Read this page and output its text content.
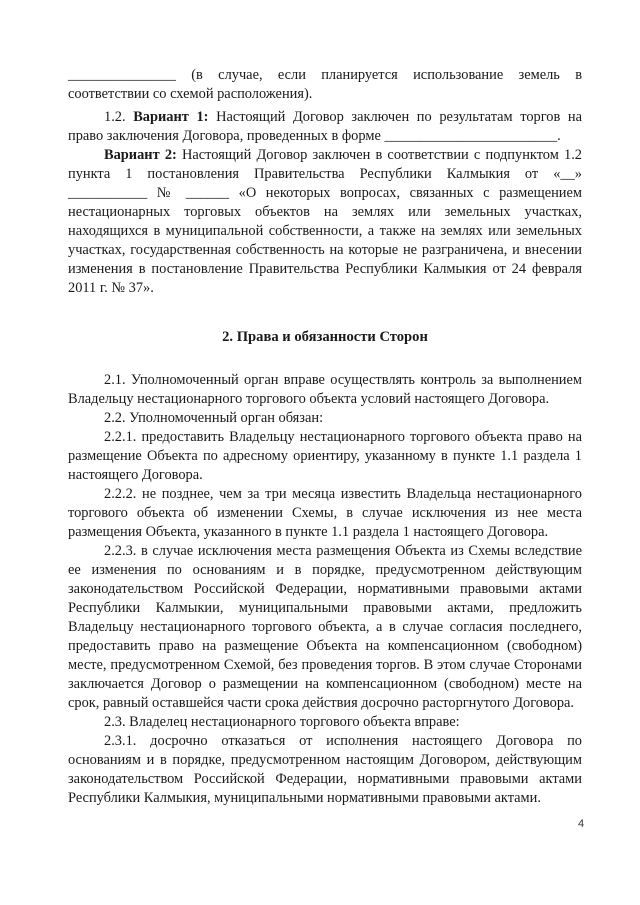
_______________ (в случае, если планируется использование земель в соответствии со схемой расположения).

1.2. Вариант 1: Настоящий Договор заключен по результатам торгов на право заключения Договора, проведенных в форме ________________________.

Вариант 2: Настоящий Договор заключен в соответствии с подпунктом 1.2 пункта 1 постановления Правительства Республики Калмыкия от «__» ___________ № ______ «О некоторых вопросах, связанных с размещением нестационарных торговых объектов на землях или земельных участках, находящихся в муниципальной собственности, а также на землях или земельных участках, государственная собственность на которые не разграничена, и внесении изменения в постановление Правительства Республики Калмыкия от 24 февраля 2011 г. № 37».

2. Права и обязанности Сторон

2.1. Уполномоченный орган вправе осуществлять контроль за выполнением Владельцу нестационарного торгового объекта условий настоящего Договора.

2.2. Уполномоченный орган обязан:

2.2.1. предоставить Владельцу нестационарного торгового объекта право на размещение Объекта по адресному ориентиру, указанному в пункте 1.1 раздела 1 настоящего Договора.

2.2.2. не позднее, чем за три месяца известить Владельца нестационарного торгового объекта об изменении Схемы, в случае исключения из нее места размещения Объекта, указанного в пункте 1.1 раздела 1 настоящего Договора.

2.2.3. в случае исключения места размещения Объекта из Схемы вследствие ее изменения по основаниям и в порядке, предусмотренном действующим законодательством Российской Федерации, нормативными правовыми актами Республики Калмыкии, муниципальными правовыми актами, предложить Владельцу нестационарного торгового объекта, а в случае согласия последнего, предоставить право на размещение Объекта на компенсационном (свободном) месте, предусмотренном Схемой, без проведения торгов. В этом случае Сторонами заключается Договор о размещении на компенсационном (свободном) месте на срок, равный оставшейся части срока действия досрочно расторгнутого Договора.

2.3. Владелец нестационарного торгового объекта вправе:

2.3.1. досрочно отказаться от исполнения настоящего Договора по основаниям и в порядке, предусмотренном настоящим Договором, действующим законодательством Российской Федерации, нормативными правовыми актами Республики Калмыкия, муниципальными нормативными правовыми актами.

4
